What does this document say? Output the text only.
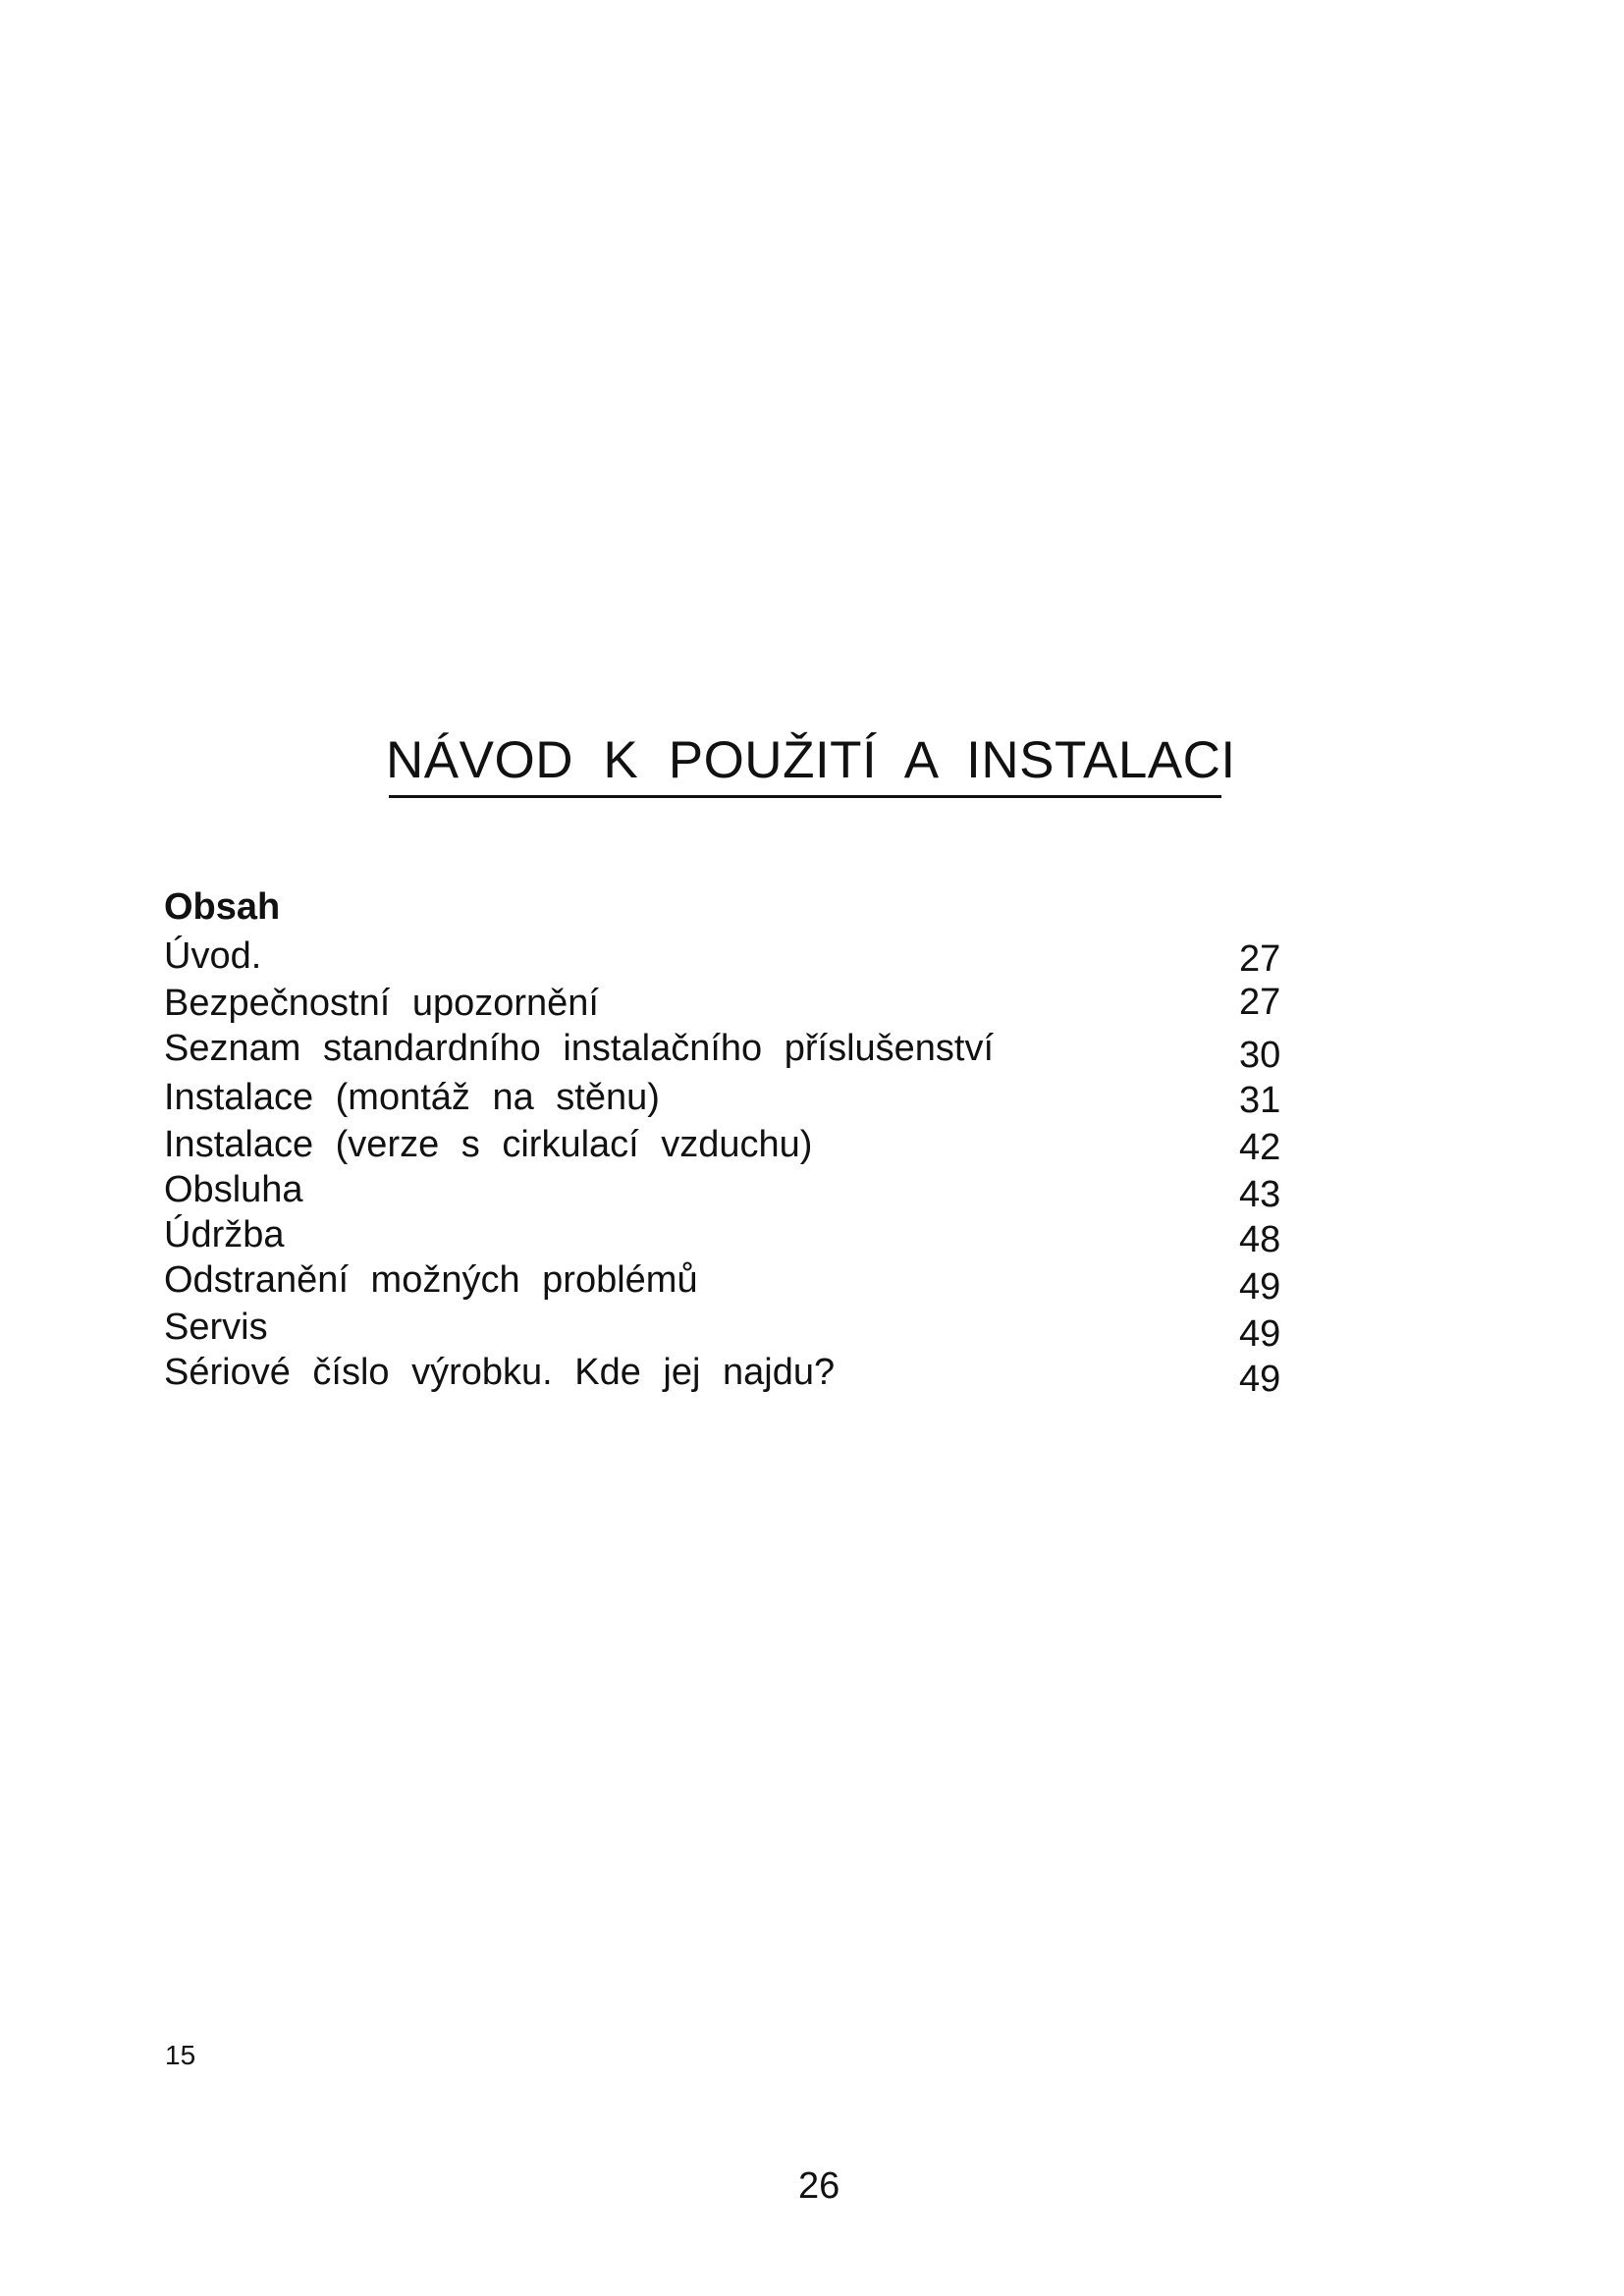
NÁVOD  K  POUŽITÍ  A  INSTALACI
Obsah
Úvod.	27
Bezpečnostní upozornění	27
Seznam standardního instalačního příslušenství	30
Instalace (montáž na stěnu)	31
Instalace (verze s cirkulací vzduchu)	42
Obsluha	43
Údržba	48
Odstranění možných problémů	49
Servis	49
Sériové číslo výrobku. Kde jej najdu?	49
15
26
